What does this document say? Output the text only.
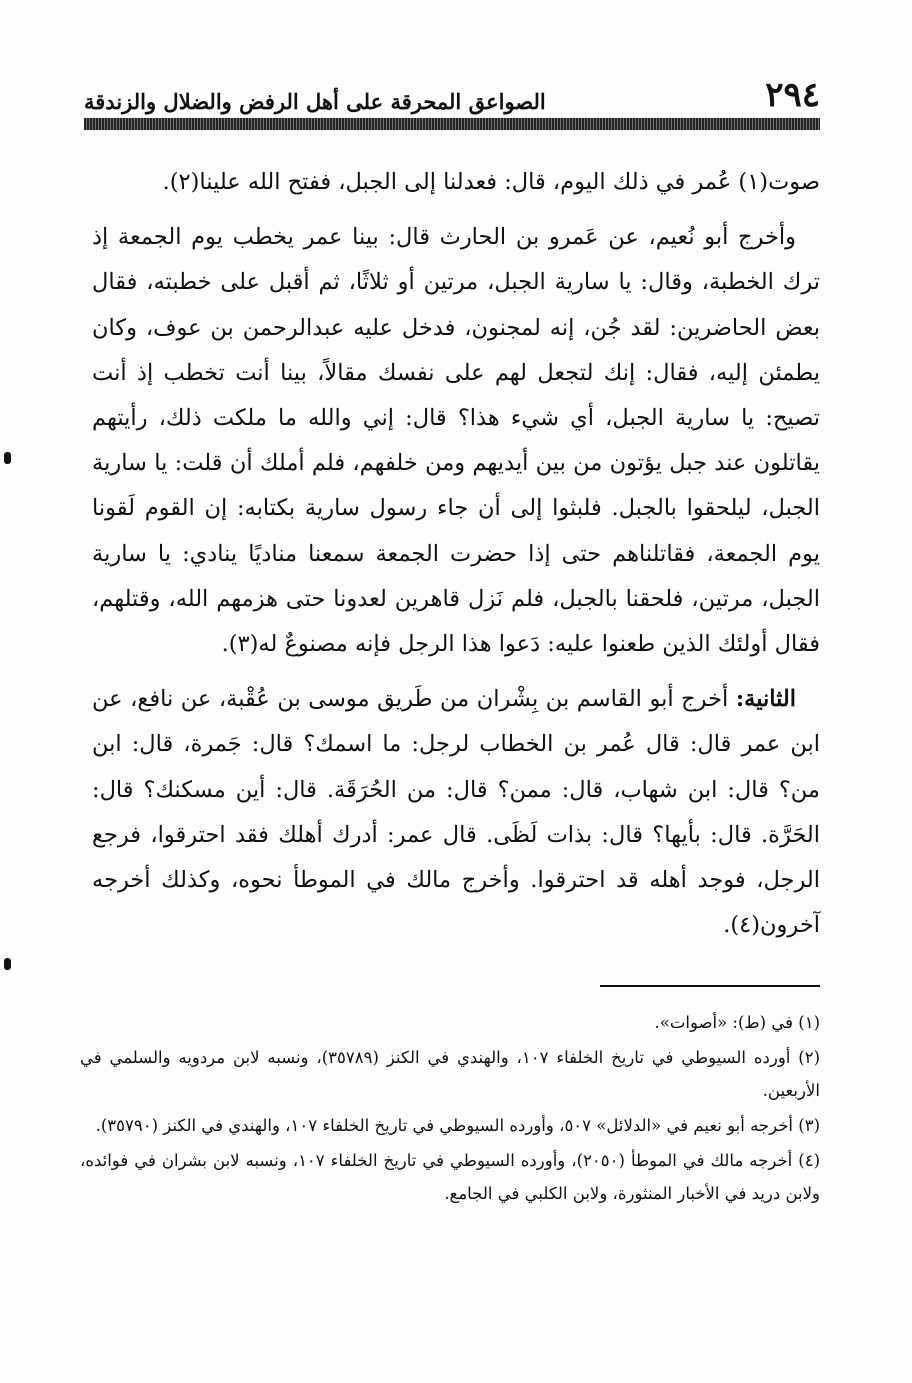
٢٩٤
الصواعق المحرقة على أهل الرفض والضلال والزندقة

صوت(١) عُمر في ذلك اليوم، قال: فعدلنا إلى الجبل، ففتح الله علينا(٢).

وأخرج أبو نُعيم، عن عَمرو بن الحارث قال: بينا عمر يخطب يوم الجمعة إذ ترك الخطبة، وقال: يا سارية الجبل، مرتين أو ثلاثًا، ثم أقبل على خطبته، فقال بعض الحاضرين: لقد جُن، إنه لمجنون، فدخل عليه عبدالرحمن بن عوف، وكان يطمئن إليه، فقال: إنك لتجعل لهم على نفسك مقالاً، بينا أنت تخطب إذ أنت تصيح: يا سارية الجبل، أي شيء هذا؟ قال: إني والله ما ملكت ذلك، رأيتهم يقاتلون عند جبل يؤتون من بين أيديهم ومن خلفهم، فلم أملك أن قلت: يا سارية الجبل، ليلحقوا بالجبل. فلبثوا إلى أن جاء رسول سارية بكتابه: إن القوم لَقونا يوم الجمعة، فقاتلناهم حتى إذا حضرت الجمعة سمعنا مناديًا ينادي: يا سارية الجبل، مرتين، فلحقنا بالجبل، فلم نَزل قاهرين لعدونا حتى هزمهم الله، وقتلهم، فقال أولئك الذين طعنوا عليه: دَعوا هذا الرجل فإنه مصنوعٌ له(٣).

الثانية: أخرج أبو القاسم بن بِشْران من طَريق موسى بن عُقْبة، عن نافع، عن ابن عمر قال: قال عُمر بن الخطاب لرجل: ما اسمك؟ قال: جَمرة، قال: ابن من؟ قال: ابن شهاب، قال: ممن؟ قال: من الحُرَقَة. قال: أين مسكنك؟ قال: الحَرَّة. قال: بأيها؟ قال: بذات لَظَى. قال عمر: أدرك أهلك فقد احترقوا، فرجع الرجل، فوجد أهله قد احترقوا. وأخرج مالك في الموطأ نحوه، وكذلك أخرجه آخرون(٤).

(١) في (ط): «أصوات».

(٢) أورده السيوطي في تاريخ الخلفاء ١٠٧، والهندي في الكنز (٣٥٧٨٩)، ونسبه لابن مردويه والسلمي في الأربعين.

(٣) أخرجه أبو نعيم في «الدلائل» ٥٠٧، وأورده السيوطي في تاريخ الخلفاء ١٠٧، والهندي في الكنز (٣٥٧٩٠).

(٤) أخرجه مالك في الموطأ (٢٠٥٠)، وأورده السيوطي في تاريخ الخلفاء ١٠٧، ونسبه لابن بشران في فوائده، ولابن دريد في الأخبار المنثورة، ولابن الكلبي في الجامع.
